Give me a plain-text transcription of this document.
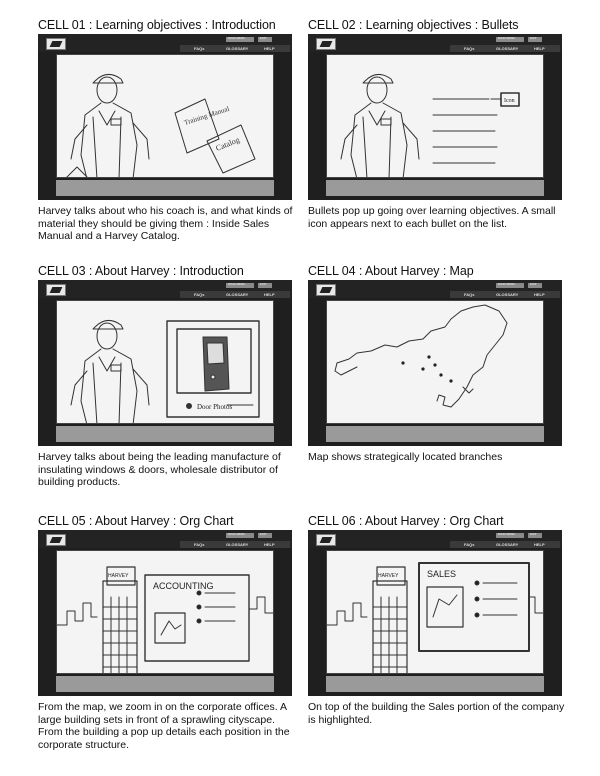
CELL 01 : Learning objectives : Introduction
MAIN MENU	EXIT
FAQs	GLOSSARY	HELP
Training Manual
Catalog
Harvey talks about who his coach is, and what kinds of material they should be giving them : Inside Sales Manual and a Harvey Catalog.
CELL 02 : Learning objectives : Bullets
MAIN MENU	EXIT
FAQs	GLOSSARY	HELP
Icon
Bullets pop up going over learning objectives. A small icon appears next to each bullet on the list.
CELL 03 : About Harvey : Introduction
MAIN MENU	EXIT
FAQs	GLOSSARY	HELP
Door Photos
Harvey talks about being the leading manufacture of insulating windows & doors, wholesale distributor of building products.
CELL 04 : About Harvey : Map
MAIN MENU	EXIT
FAQs	GLOSSARY	HELP
Map shows strategically located branches
CELL 05 : About Harvey : Org Chart
MAIN MENU	EXIT
FAQs	GLOSSARY	HELP
ACCOUNTING
HARVEY
From the map, we zoom in on the corporate offices. A large building sets in front of a sprawling cityscape. From the building a pop up details each position in the corporate structure.
CELL 06 : About Harvey : Org Chart
MAIN MENU	EXIT
FAQs	GLOSSARY	HELP
SALES
HARVEY
On top of the building the Sales portion of the company is highlighted.
